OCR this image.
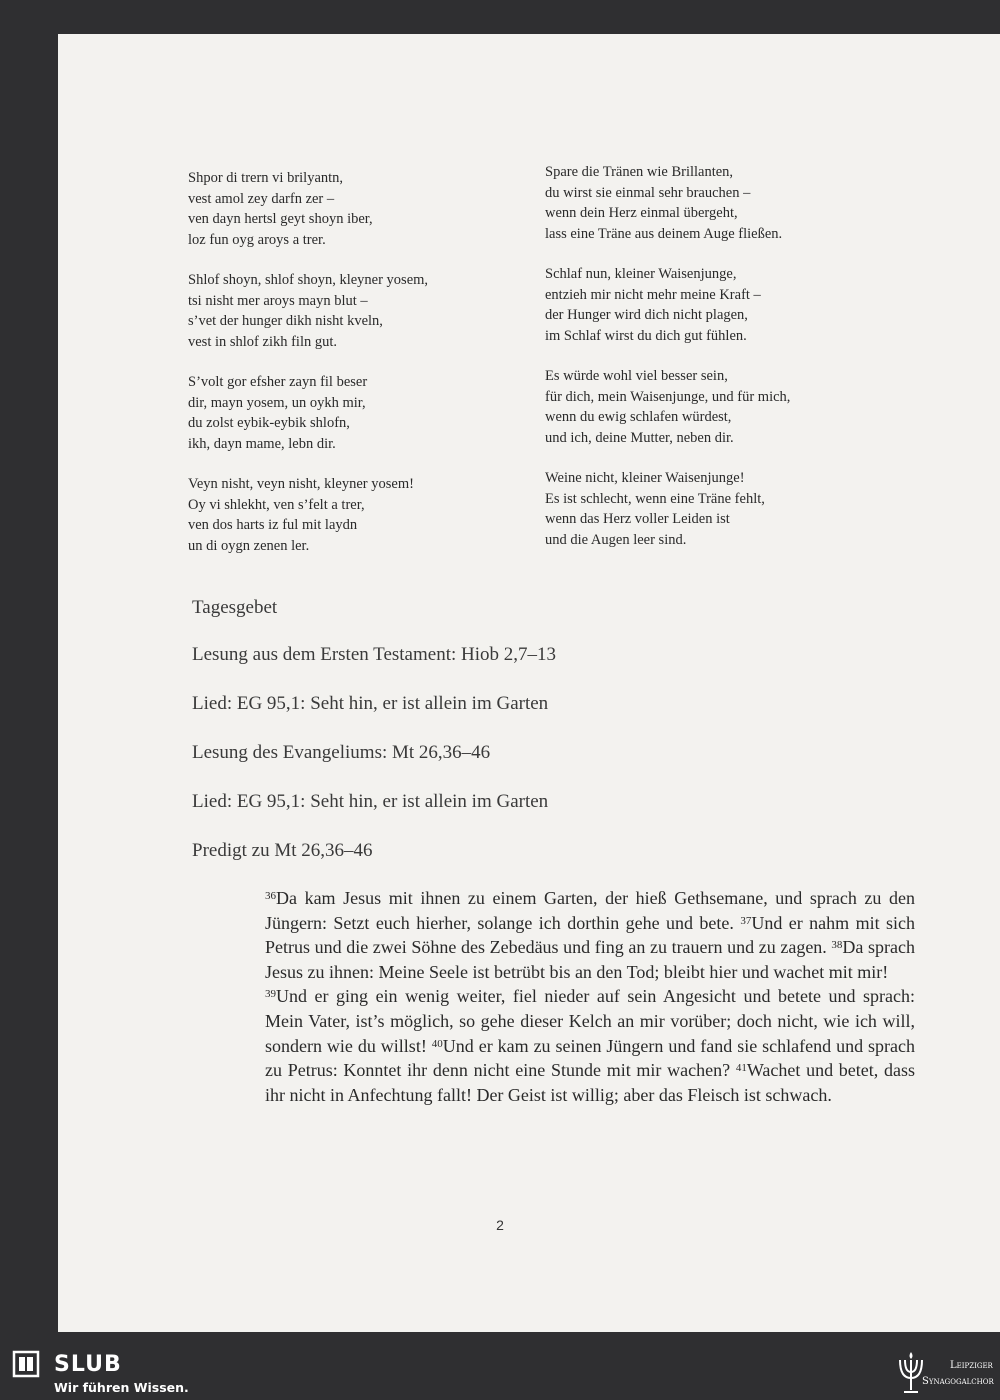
Shpor di trern vi brilyantn,
vest amol zey darfn zer –
ven dayn hertsl geyt shoyn iber,
loz fun oyg aroys a trer.
Shlof shoyn, shlof shoyn, kleyner yosem,
tsi nisht mer aroys mayn blut –
s’vet der hunger dikh nisht kveln,
vest in shlof zikh filn gut.
S’volt gor efsher zayn fil beser
dir, mayn yosem, un oykh mir,
du zolst eybik-eybik shlofn,
ikh, dayn mame, lebn dir.
Veyn nisht, veyn nisht, kleyner yosem!
Oy vi shlekht, ven s’felt a trer,
ven dos harts iz ful mit laydn
un di oygn zenen ler.
Spare die Tränen wie Brillanten,
du wirst sie einmal sehr brauchen –
wenn dein Herz einmal übergeht,
lass eine Träne aus deinem Auge fließen.
Schlaf nun, kleiner Waisenjunge,
entzieh mir nicht mehr meine Kraft –
der Hunger wird dich nicht plagen,
im Schlaf wirst du dich gut fühlen.
Es würde wohl viel besser sein,
für dich, mein Waisenjunge, und für mich,
wenn du ewig schlafen würdest,
und ich, deine Mutter, neben dir.
Weine nicht, kleiner Waisenjunge!
Es ist schlecht, wenn eine Träne fehlt,
wenn das Herz voller Leiden ist
und die Augen leer sind.
Tagesgebet
Lesung aus dem Ersten Testament: Hiob 2,7–13
Lied: EG 95,1: Seht hin, er ist allein im Garten
Lesung des Evangeliums: Mt 26,36–46
Lied: EG 95,1: Seht hin, er ist allein im Garten
Predigt zu Mt 26,36–46

$^{36}$Da kam Jesus mit ihnen zu einem Garten, der hieß Gethsemane, und sprach zu den Jüngern: Setzt euch hierher, solange ich dorthin gehe und bete. $^{37}$Und er nahm mit sich Petrus und die zwei Söhne des Zebedäus und fing an zu trauern und zu zagen. $^{38}$Da sprach Jesus zu ihnen: Meine Seele ist betrübt bis an den Tod; bleibt hier und wachet mit mir!

$^{39}$Und er ging ein wenig weiter, fiel nieder auf sein Angesicht und betete und sprach: Mein Vater, ist’s möglich, so gehe dieser Kelch an mir vorüber; doch nicht, wie ich will, sondern wie du willst! $^{40}$Und er kam zu seinen Jüngern und fand sie schlafend und sprach zu Petrus: Konntet ihr denn nicht eine Stunde mit mir wachen? $^{41}$Wachet und betet, dass ihr nicht in Anfechtung fallt! Der Geist ist willig; aber das Fleisch ist schwach.

2
SLUB
Wir führen Wissen.
Leipziger
Synagogalchor
